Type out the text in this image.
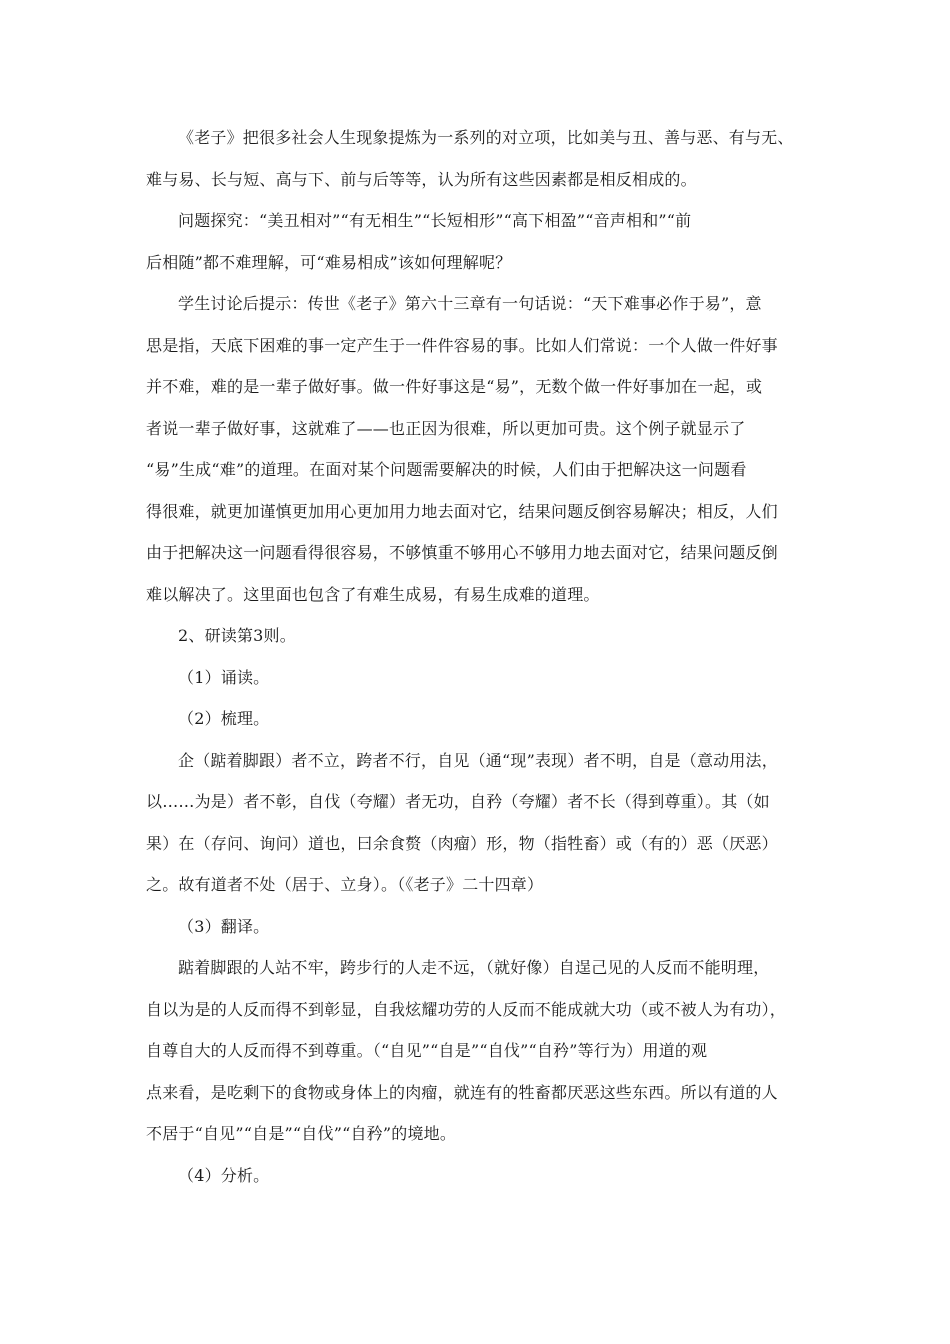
《老子》把很多社会人生现象提炼为一系列的对立项，比如美与丑、善与恶、有与无、
难与易、长与短、高与下、前与后等等，认为所有这些因素都是相反相成的。
问题探究：“美丑相对”“有无相生”“长短相形”“高下相盈”“音声相和”“前
后相随”都不难理解，可“难易相成”该如何理解呢？
学生讨论后提示：传世《老子》第六十三章有一句话说：“天下难事必作于易”，意
思是指，天底下困难的事一定产生于一件件容易的事。比如人们常说：一个人做一件好事
并不难，难的是一辈子做好事。做一件好事这是“易”，无数个做一件好事加在一起，或
者说一辈子做好事，这就难了——也正因为很难，所以更加可贵。这个例子就显示了
“易”生成“难”的道理。在面对某个问题需要解决的时候，人们由于把解决这一问题看
得很难，就更加谨慎更加用心更加用力地去面对它，结果问题反倒容易解决；相反，人们
由于把解决这一问题看得很容易，不够慎重不够用心不够用力地去面对它，结果问题反倒
难以解决了。这里面也包含了有难生成易，有易生成难的道理。
2、研读第3则。
（1）诵读。
（2）梳理。
企（踮着脚跟）者不立，跨者不行，自见（通“现”表现）者不明，自是（意动用法，
以……为是）者不彰，自伐（夸耀）者无功，自矜（夸耀）者不长（得到尊重）。其（如
果）在（存问、询问）道也，曰余食赘（肉瘤）形，物（指牲畜）或（有的）恶（厌恶）
之。故有道者不处（居于、立身）。（《老子》二十四章）
（3）翻译。
踮着脚跟的人站不牢，跨步行的人走不远，（就好像）自逞己见的人反而不能明理，
自以为是的人反而得不到彰显，自我炫耀功劳的人反而不能成就大功（或不被人为有功），
自尊自大的人反而得不到尊重。（“自见”“自是”“自伐”“自矜”等行为）用道的观
点来看，是吃剩下的食物或身体上的肉瘤，就连有的牲畜都厌恶这些东西。所以有道的人
不居于“自见”“自是”“自伐”“自矜”的境地。
（4）分析。
